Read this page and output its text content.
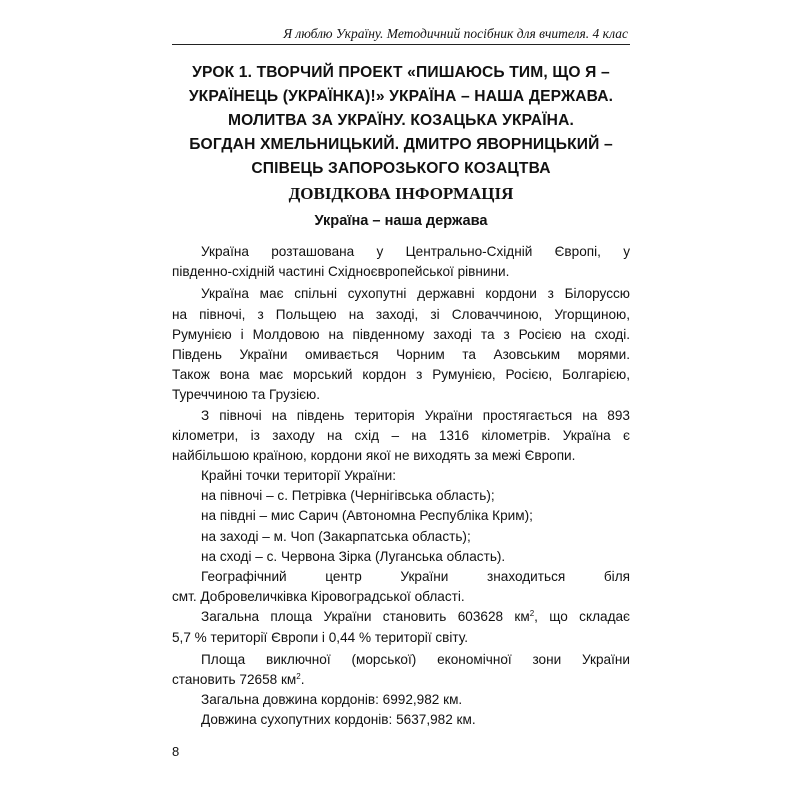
Я люблю Україну. Методичний посібник для вчителя. 4 клас
УРОК 1. ТВОРЧИЙ ПРОЕКТ «ПИШАЮСЬ ТИМ, ЩО Я –
УКРАЇНЕЦЬ (УКРАЇНКА)!» УКРАЇНА – НАША ДЕРЖАВА.
МОЛИТВА ЗА УКРАЇНУ. КОЗАЦЬКА УКРАЇНА.
БОГДАН ХМЕЛЬНИЦЬКИЙ. ДМИТРО ЯВОРНИЦЬКИЙ –
СПІВЕЦЬ ЗАПОРОЗЬКОГО КОЗАЦТВА
ДОВІДКОВА ІНФОРМАЦІЯ
Україна – наша держава
Україна розташована у Центрально-Східній Європі, у
південно-східній частині Східноєвропейської рівнини.
Україна має спільні сухопутні державні кордони з Білоруссю
на півночі, з Польщею на заході, зі Словаччиною, Угорщиною,
Румунією і Молдовою на південному заході та з Росією на сході.
Південь України омивається Чорним та Азовським морями.
Також вона має морський кордон з Румунією, Росією, Болгарією,
Туреччиною та Грузією.
З півночі на південь територія України простягається на 893
кілометри, із заходу на схід – на 1316 кілометрів. Україна є
найбільшою країною, кордони якої не виходять за межі Європи.
Крайні точки території України:
на півночі – с. Петрівка (Чернігівська область);
на півдні – мис Сарич (Автономна Республіка Крим);
на заході – м. Чоп (Закарпатська область);
на сході – с. Червона Зірка (Луганська область).
Географічний центр України знаходиться біля
смт. Добровеличківка Кіровоградської області.
Загальна площа України становить 603628 $км^2$, що складає
5,7 % території Європи і 0,44 % території світу.
Площа виключної (морської) економічної зони України
становить 72658 $км^2$.
Загальна довжина кордонів: 6992,982 км.
Довжина сухопутних кордонів: 5637,982 км.
8
